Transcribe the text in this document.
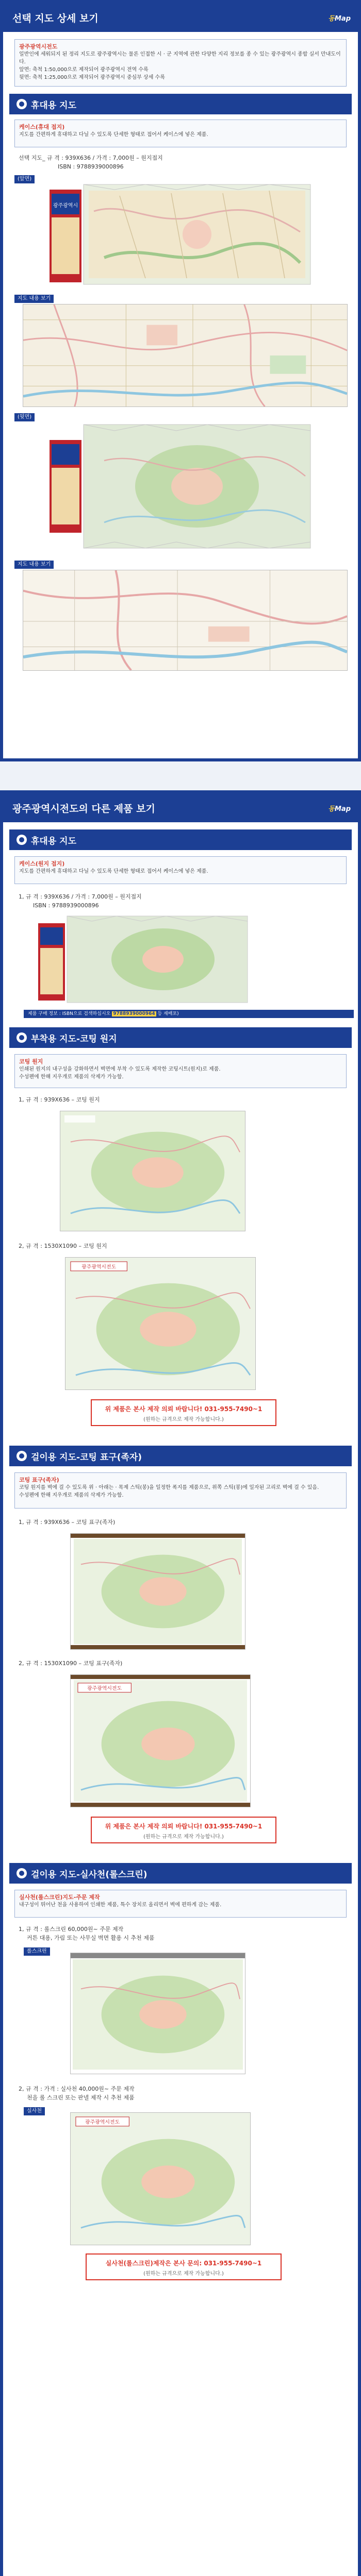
선택 지도 상세 보기	동Map
광주광역시전도
일반인에 세워되지 된 정리 지도로 광주광역시는 물론 인접한 시 · 군 지역에 관한 다양한 지리 정보를 종 수 있는 광주광역시 종합 실서 만내도이다.
앞면: 축척 1:50,000으로 제작되어 광주광역시 전역 수록
뒷면: 축척 1:25,000으로 제작되어 광주광역시 중심부 상세 수록
휴대용 지도
케이스(휴대 접지)
지도를 간편하게 휴대하고 다닐 수 있도록 단세한 형태로 접어서 케이스에 넣은 제품.
선택 지도_ 규 격 : 939X636 / 가격 : 7,000원 – 원지접지
ISBN : 9788939000896
(앞면)
광주광역시
지도 내용 보기
(뒷면)
지도 내용 보기
광주광역시전도의 다른 제품 보기	동Map
휴대용 지도
케이스(원지 접지)
지도를 간편하게 휴대하고 다닐 수 있도록 단세한 형태로 접어서 케이스에 넣은 제품.
1, 규 격 : 939X636 / 가격 : 7,000원 – 원지접지
ISBN : 9788939000896
제품 구매 정보 : ISBN으로 검색하십시오 9788939000964 등 재배포)
부착용 지도-코팅 원지
코팅 원지
인쇄된 원지의 내구성을 강화하면서 벽면에 부착 수 있도록 제작한 코팅시트(원지)로 제품.
수성펜에 한해 지우개로 제품의 삭제가 가능함.
1, 규 격 : 939X636 – 코팅 원지
2, 규 격 : 1530X1090 – 코팅 원지
광주광역시전도
위 제품은 본사 제작 의뢰 바랍니다! 031-955-7490~1
(원하는 규격으로 제작 가능합니다.)
걸이용 지도-코팅 표구(족자)
코팅 표구(족자)
코팅 원지를 벽에 걸 수 있도록 위 · 아래는 · 목제 스틱(봉)을 일정한 폭지를 제품으로, 위쪽 스틱(봉)에 일자된 고리로 벽에 걸 수 있음.
수성펜에 한해 지우개로 제품의 삭제가 가능함.
1, 규 격 : 939X636 – 코팅 표구(족자)
2, 규 격 : 1530X1090 – 코팅 표구(족자)
광주광역시전도
위 제품은 본사 제작 의뢰 바랍니다! 031-955-7490~1
(원하는 규격으로 제작 가능합니다.)
걸이용 지도-실사천(롤스크린)
실사천(롤스크린)지도-주문 제작
내구성이 뛰어난 천을 사용하여 인쇄한 제품, 특수 장치로 올리면서 벽에 편하게 감는 제품.
1, 규 격 : 롤스크린 60,000원~ 주문 제작
커튼 대용, 가림 또는 사무실 벽면 활용 시 추천 제품
롤스크린
2, 규 격 : 가격 : 실사천 40,000원~ 주문 제작
천을 롤 스크린 또는 판넬 제작 시 추천 제품
실사천
광주광역시전도
실사천(롤스크린)제작은 본사 문의: 031-955-7490~1
(원하는 규격으로 제작 가능합니다.)
